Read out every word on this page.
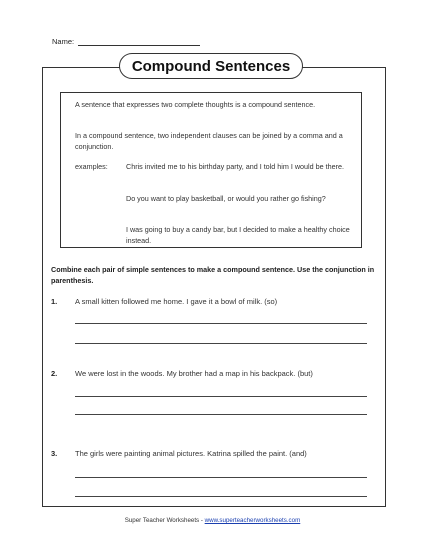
Name:
Compound Sentences
A sentence that expresses two complete thoughts is a compound sentence.
In a compound sentence, two independent clauses can be joined by a comma and a conjunction.
examples:	Chris invited me to his birthday party, and I told him I would be there.
Do you want to play basketball, or would you rather go fishing?
I was going to buy a candy bar, but I decided to make a healthy choice instead.
Combine each pair of simple sentences to make a compound sentence. Use the conjunction in parenthesis.
1. A small kitten followed me home. I gave it a bowl of milk. (so)
2. We were lost in the woods. My brother had a map in his backpack. (but)
3. The girls were painting animal pictures. Katrina spilled the paint. (and)
Super Teacher Worksheets - www.superteacherworksheets.com
